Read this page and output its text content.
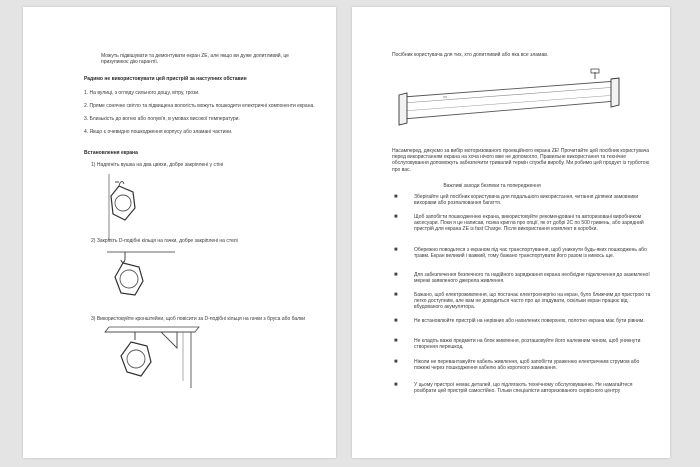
Можуть підвішувати та демонтувати екран ZE, але якщо ви дуже допитливий, це призупинює дію гарантії.
Радимо не використовувати цей пристрій за наступних обставин
1. На вулиці, з огляду сильного дощу, вітру, грози.
2. Пряме сонячне світло та підвищена вологість можуть пошкодити електричні компоненти екрана.
3. Близькість до вогню або полум'я, в умовах високої температури.
4. Якщо є очевидно пошкодження корпусу або зламані частини.
Встановлення екрана
1) Надягніть вушка на два цвяхи, добре закріплені у стіні
2) Закріпіть D-подібні кільця на гачки, добре закріплені на стелі
3) Використовуйте кронштейни, щоб повісити за D-подібні кільця на гачки з бруса або балки
Посібник користувача для тих, хто допитливий або яка все зламав.
Насамперед, дякуємо за вибір моторизованого проекційного екрана ZE! Прочитайте цей посібник користувача перед використанням екрана на хоча нічого вже не допомогло. Правильне використання та технічне обслуговування допоможуть забезпечити тривалий термін служби виробу. Ми робимо цей продукт із турботою про вас.
Важливі заходи безпеки та попередження
■	Зберігайте цей посібник користувача для подальшого використання, читання ділянки замовники вихорами або розпалювання багаття.
■	Щоб запобігти пошкодженню екрана, використовуйте рекомендовані та авторизовані виробником аксесуари. Поки я це написав, псика кригла про опції, як от добрі 2С по 500 гривень, або зарядний пристрій для екрана ZE із fast Charge. Після використання комплект в коробки.
■	Обережно поводьтеся з екраном під час транспортування, щоб уникнути будь-яких пошкоджень або травм. Екран великий і важкий, тому бажано транспортувати його разом із кимось ще.
■	Для забезпечення безпечного та надійного заряджання екрана необхідне підключення до заземленої мережі заявленого джерела живлення.
■	Бажано, щоб електроживлення, що постачає електроенергію на екран, було ближчим до пристрою та легко доступним, але вам не доводиться часто про це згадувати, оскільки екран працює від вбудованого акумулятора.
■	Не встановлюйте пристрій на нерівних або нахилених поверхнях, полотно екрана має бути рівним.
■	Не кладіть важкі предмети на блок живлення, розташовуйте його належним чином, щоб уникнути створення перешкод.
■	Ніколи не перевантажуйте кабель живлення, щоб запобігти ураженню електричним струмом або пожежі через пошкодження кабелю або короткого замикання.
■	У цьому пристрої немає деталей, що підлягають технічному обслуговуванню. Не намагайтеся розібрати цей пристрій самостійно. Тільки спеціалісти авторизованого сервісного центру
